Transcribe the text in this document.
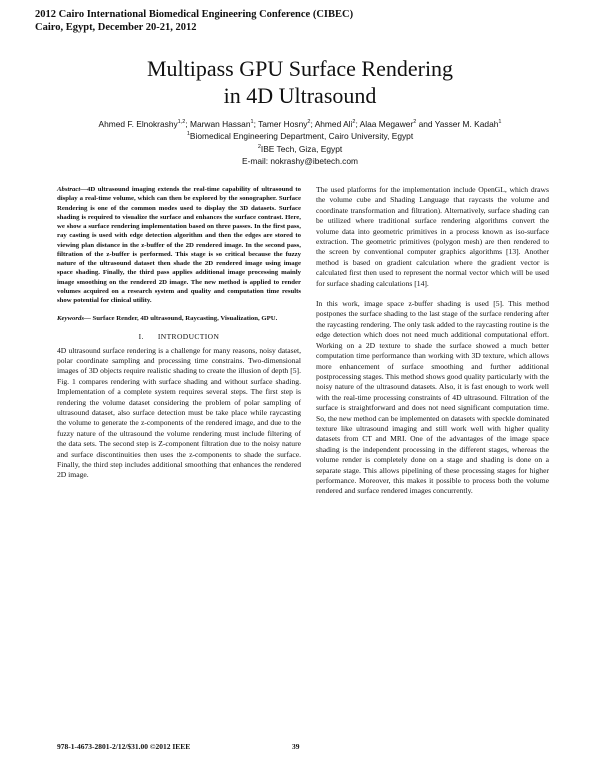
2012 Cairo International Biomedical Engineering Conference (CIBEC)
Cairo, Egypt, December 20-21, 2012
Multipass GPU Surface Rendering
in 4D Ultrasound
Ahmed F. Elnokrashy$^{1,2}$; Marwan Hassan$^1$; Tamer Hosny$^2$; Ahmed Ali$^2$; Alaa Megawer$^2$ and Yasser M. Kadah$^1$
$^1$Biomedical Engineering Department, Cairo University, Egypt
$^2$IBE Tech, Giza, Egypt
E-mail: nokrashy@ibetech.com

Abstract—4D ultrasound imaging extends the real-time capability of ultrasound to display a real-time volume, which can then be explored by the sonographer. Surface Rendering is one of the common modes used to display the 3D datasets. Surface shading is required to visualize the surface and enhances the surface contrast. Here, we show a surface rendering implementation based on three passes. In the first pass, ray casting is used with edge detection algorithm and then the edges are stored to viewing plan distance in the z-buffer of the 2D rendered image. In the second pass, filtration of the z-buffer is performed. This stage is so critical because the fuzzy nature of the ultrasound dataset then shade the 2D rendered image using image space shading. Finally, the third pass applies additional image processing mainly image smoothing on the rendered 2D image. The new method is applied to render volumes acquired on a research system and quality and computation time results show potential for clinical utility.

Keywords— Surface Render, 4D ultrasound, Raycasting, Visualization, GPU.

I. INTRODUCTION

4D ultrasound surface rendering is a challenge for many reasons, noisy dataset, polar coordinate sampling and processing time constrains. Two-dimensional images of 3D objects require realistic shading to create the illusion of depth [5]. Fig. 1 compares rendering with surface shading and without surface shading. Implementation of a complete system requires several steps. The first step is rendering the volume dataset considering the problem of polar sampling of ultrasound dataset, also surface detection must be take place while raycasting the volume to generate the z-components of the rendered image, and due to the fuzzy nature of the ultrasound the volume rendering must include filtering of the data sets. The second step is Z-component filtration due to the noisy nature and surface discontinuities then uses the z-components to shade the surface. Finally, the third step includes additional smoothing that enhances the rendered 2D image.

The used platforms for the implementation include OpenGL, which draws the volume cube and Shading Language that raycasts the volume and coordinate transformation and filtration). Alternatively, surface shading can be utilized where traditional surface rendering algorithms convert the volume data into geometric primitives in a process known as iso-surface extraction. The geometric primitives (polygon mesh) are then rendered to the screen by conventional computer graphics algorithms [13]. Another method is based on gradient calculation where the gradient vector is calculated first then used to represent the normal vector which will be used for surface shading calculations [14].

In this work, image space z-buffer shading is used [5]. This method postpones the surface shading to the last stage of the surface rendering after the raycasting rendering. The only task added to the raycasting routine is the edge detection which does not need much additional computational effort. Working on a 2D texture to shade the surface showed a much better computation time performance than working with 3D texture, which allows more enhancement of surface smoothing and further additional postprocessing stages. This method shows good quality particularly with the noisy nature of the ultrasound datasets. Also, it is fast enough to work well with the real-time processing constraints of 4D ultrasound. Filtration of the surface is straightforward and does not need significant computation time. So, the new method can be implemented on datasets with speckle dominated texture like ultrasound imaging and still work well with higher quality datasets from CT and MRI. One of the advantages of the image space shading is the independent processing in the different stages, whereas the volume render is completely done on a stage and shading is done on a separate stage. This allows pipelining of these processing stages for higher performance. Moreover, this makes it possible to process both the volume rendered and surface rendered images concurrently.

978-1-4673-2801-2/12/$31.00 ©2012 IEEE	39
